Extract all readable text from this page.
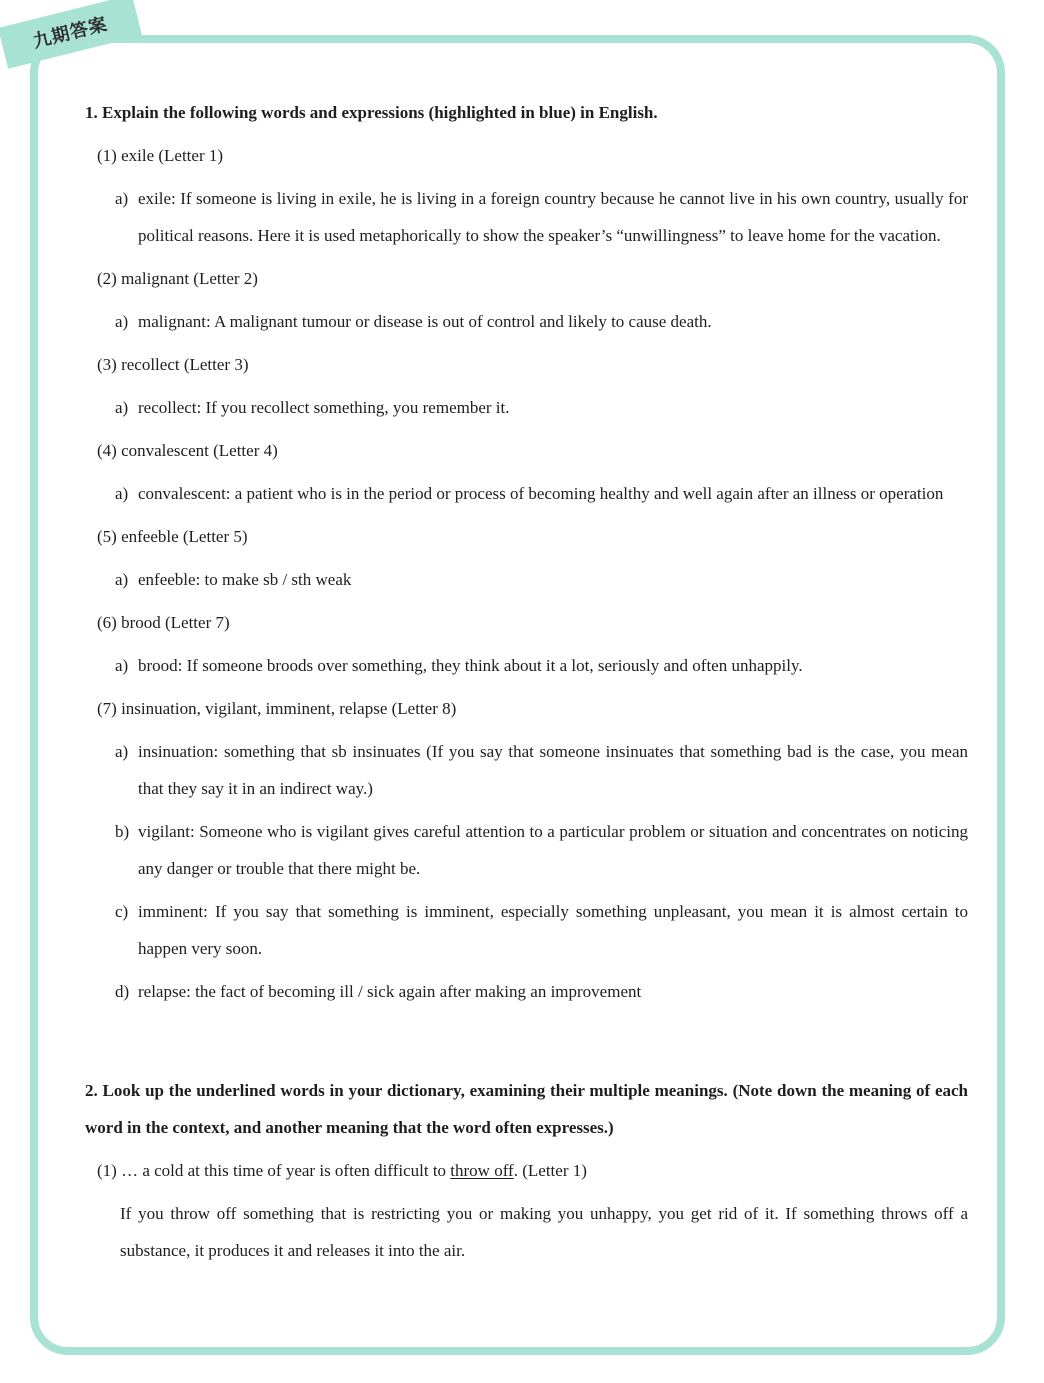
九期答案

1. Explain the following words and expressions (highlighted in blue) in English.

(1) exile (Letter 1)
a) exile: If someone is living in exile, he is living in a foreign country because he cannot live in his own country, usually for political reasons. Here it is used metaphorically to show the speaker’s “unwillingness” to leave home for the vacation.
(2) malignant (Letter 2)
a) malignant: A malignant tumour or disease is out of control and likely to cause death.
(3) recollect (Letter 3)
a) recollect: If you recollect something, you remember it.
(4) convalescent (Letter 4)
a) convalescent: a patient who is in the period or process of becoming healthy and well again after an illness or operation
(5) enfeeble (Letter 5)
a) enfeeble: to make sb / sth weak
(6) brood (Letter 7)
a) brood: If someone broods over something, they think about it a lot, seriously and often unhappily.
(7) insinuation, vigilant, imminent, relapse (Letter 8)
a) insinuation: something that sb insinuates (If you say that someone insinuates that something bad is the case, you mean that they say it in an indirect way.)
b) vigilant: Someone who is vigilant gives careful attention to a particular problem or situation and concentrates on noticing any danger or trouble that there might be.
c) imminent: If you say that something is imminent, especially something unpleasant, you mean it is almost certain to happen very soon.
d) relapse: the fact of becoming ill / sick again after making an improvement

2. Look up the underlined words in your dictionary, examining their multiple meanings. (Note down the meaning of each word in the context, and another meaning that the word often expresses.)

(1) … a cold at this time of year is often difficult to throw off. (Letter 1)
If you throw off something that is restricting you or making you unhappy, you get rid of it. If something throws off a substance, it produces it and releases it into the air.
